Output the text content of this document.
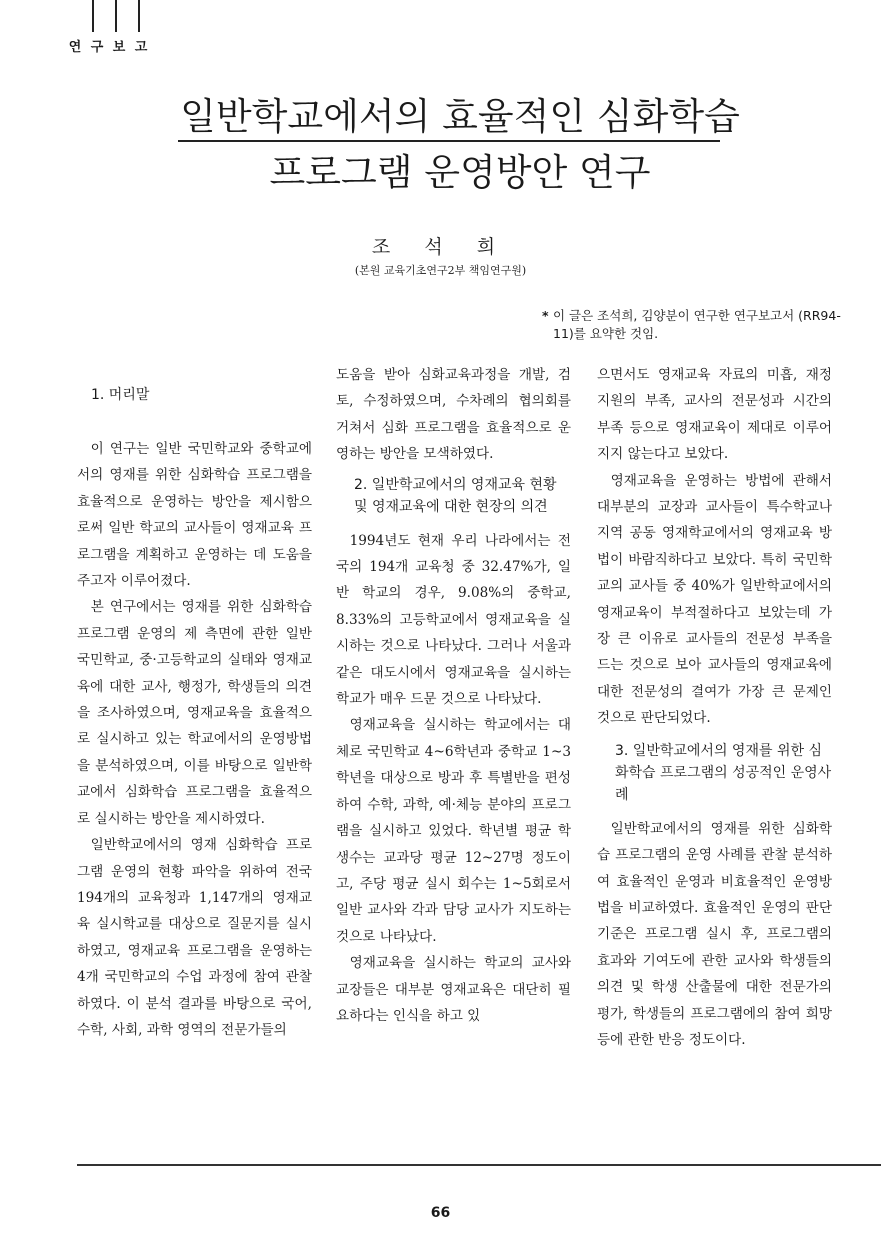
연 구 보 고
일반학교에서의 효율적인 심화학습
프로그램 운영방안 연구
조 석 희
(본원 교육기초연구2부 책임연구원)
* 이 글은 조석희, 김양분이 연구한 연구보고서 (RR94-11)를 요약한 것임.
1. 머리말

이 연구는 일반 국민학교와 중학교에서의 영재를 위한 심화학습 프로그램을 효율적으로 운영하는 방안을 제시함으로써 일반 학교의 교사들이 영재교육 프로그램을 계획하고 운영하는 데 도움을 주고자 이루어졌다.

본 연구에서는 영재를 위한 심화학습 프로그램 운영의 제 측면에 관한 일반 국민학교, 중·고등학교의 실태와 영재교육에 대한 교사, 행정가, 학생들의 의견을 조사하였으며, 영재교육을 효율적으로 실시하고 있는 학교에서의 운영방법을 분석하였으며, 이를 바탕으로 일반학교에서 심화학습 프로그램을 효율적으로 실시하는 방안을 제시하였다.

일반학교에서의 영재 심화학습 프로그램 운영의 현황 파악을 위하여 전국 194개의 교육청과 1,147개의 영재교육 실시학교를 대상으로 질문지를 실시하였고, 영재교육 프로그램을 운영하는 4개 국민학교의 수업 과정에 참여 관찰하였다. 이 분석 결과를 바탕으로 국어, 수학, 사회, 과학 영역의 전문가들의

도움을 받아 심화교육과정을 개발, 검토, 수정하였으며, 수차례의 협의회를 거쳐서 심화 프로그램을 효율적으로 운영하는 방안을 모색하였다.

2. 일반학교에서의 영재교육 현황 및 영재교육에 대한 현장의 의견

1994년도 현재 우리 나라에서는 전국의 194개 교육청 중 32.47%가, 일반 학교의 경우, 9.08%의 중학교, 8.33%의 고등학교에서 영재교육을 실시하는 것으로 나타났다. 그러나 서울과 같은 대도시에서 영재교육을 실시하는 학교가 매우 드문 것으로 나타났다.

영재교육을 실시하는 학교에서는 대체로 국민학교 4~6학년과 중학교 1~3학년을 대상으로 방과 후 특별반을 편성하여 수학, 과학, 예·체능 분야의 프로그램을 실시하고 있었다. 학년별 평균 학생수는 교과당 평균 12~27명 정도이고, 주당 평균 실시 회수는 1~5회로서 일반 교사와 각과 담당 교사가 지도하는 것으로 나타났다.

영재교육을 실시하는 학교의 교사와 교장들은 대부분 영재교육은 대단히 필요하다는 인식을 하고 있

으면서도 영재교육 자료의 미흡, 재정 지원의 부족, 교사의 전문성과 시간의 부족 등으로 영재교육이 제대로 이루어지지 않는다고 보았다.

영재교육을 운영하는 방법에 관해서 대부분의 교장과 교사들이 특수학교나 지역 공동 영재학교에서의 영재교육 방법이 바람직하다고 보았다. 특히 국민학교의 교사들 중 40%가 일반학교에서의 영재교육이 부적절하다고 보았는데 가장 큰 이유로 교사들의 전문성 부족을 드는 것으로 보아 교사들의 영재교육에 대한 전문성의 결여가 가장 큰 문제인 것으로 판단되었다.

3. 일반학교에서의 영재를 위한 심화학습 프로그램의 성공적인 운영사례

일반학교에서의 영재를 위한 심화학습 프로그램의 운영 사례를 관찰 분석하여 효율적인 운영과 비효율적인 운영방법을 비교하였다. 효율적인 운영의 판단기준은 프로그램 실시 후, 프로그램의 효과와 기여도에 관한 교사와 학생들의 의견 및 학생 산출물에 대한 전문가의 평가, 학생들의 프로그램에의 참여 희망 등에 관한 반응 정도이다.

66
